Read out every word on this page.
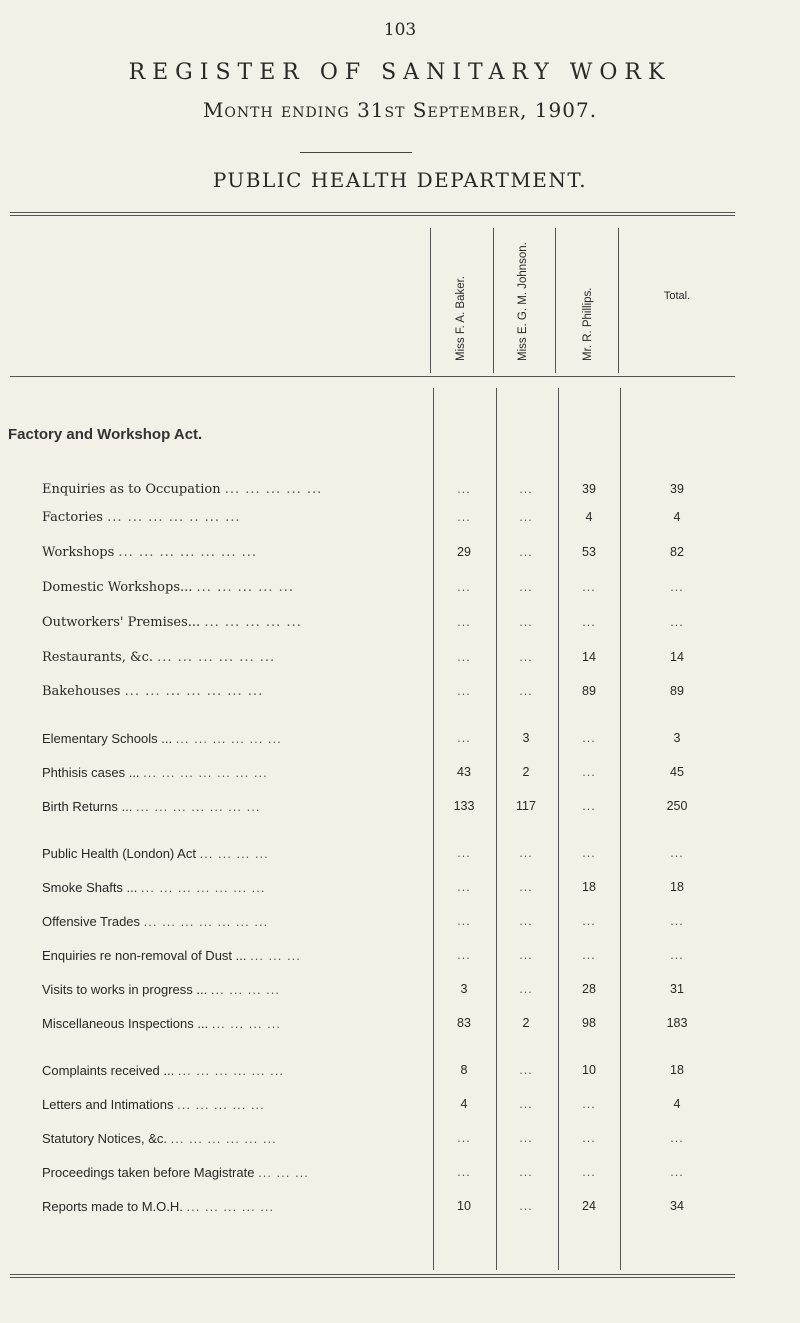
103
REGISTER OF SANITARY WORK
Month ending 31st September, 1907.
PUBLIC HEALTH DEPARTMENT.
Miss F. A. Baker.	Miss E. G. M. Johnson.	Mr. R. Phillips.	Total.
Factory and Workshop Act.
Enquiries as to Occupation ... ... ... ... ...	...	...	39	39
Factories ... ... ... ... .. ... ...	...	...	4	4
Workshops ... ... ... ... ... ... ...	29	...	53	82
Domestic Workshops... ... ... ... ... ...	...	...	...	...
Outworkers' Premises... ... ... ... ... ...	...	...	...	...
Restaurants, &c. ... ... ... ... ... ...	...	...	14	14
Bakehouses ... ... ... ... ... ... ...	...	...	89	89
Elementary Schools ... ... ... ... ... ... ...	...	3	...	3
Phthisis cases ... ... ... ... ... ... ... ...	43	2	...	45
Birth Returns ... ... ... ... ... ... ... ...	133	117	...	250
Public Health (London) Act ... ... ... ...	...	...	...	...
Smoke Shafts ... ... ... ... ... ... ... ...	...	...	18	18
Offensive Trades ... ... ... ... ... ... ...	...	...	...	...
Enquiries re non-removal of Dust ... ... ... ...	...	...	...	...
Visits to works in progress ... ... ... ... ...	3	...	28	31
Miscellaneous Inspections ... ... ... ... ...	83	2	98	183
Complaints received ... ... ... ... ... ... ...	8	...	10	18
Letters and Intimations ... ... ... ... ...	4	...	...	4
Statutory Notices, &c. ... ... ... ... ... ...	...	...	...	...
Proceedings taken before Magistrate ... ... ...	...	...	...	...
Reports made to M.O.H. ... ... ... ... ...	10	...	24	34
